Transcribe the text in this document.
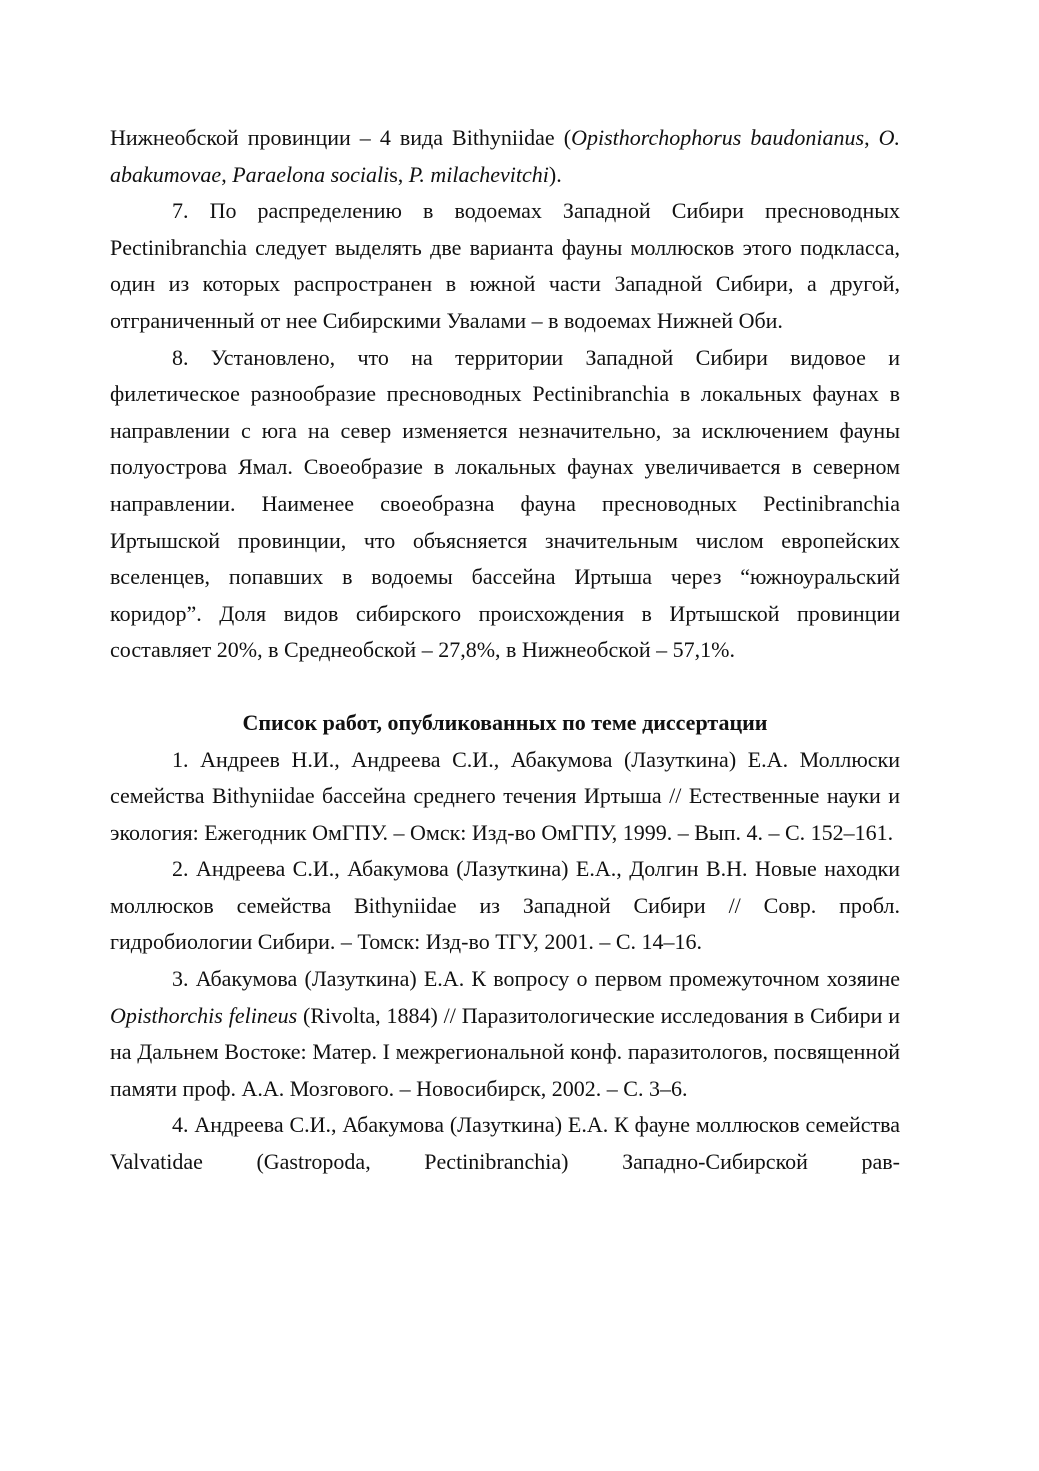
Нижнеобской провинции – 4 вида Bithyniidae (Opisthorchophorus baudonianus, O. abakumovae, Paraelona socialis, P. milachevitchi).

7. По распределению в водоемах Западной Сибири пресноводных Pectinibranchia следует выделять две варианта фауны моллюсков этого подкласса, один из которых распространен в южной части Западной Сибири, а другой, отграниченный от нее Сибирскими Увалами – в водоемах Нижней Оби.

8. Установлено, что на территории Западной Сибири видовое и филетическое разнообразие пресноводных Pectinibranchia в локальных фаунах в направлении с юга на север изменяется незначительно, за исключением фауны полуострова Ямал. Своеобразие в локальных фаунах увеличивается в северном направлении. Наименее своеобразна фауна пресноводных Pectinibranchia Иртышской провинции, что объясняется значительным числом европейских вселенцев, попавших в водоемы бассейна Иртыша через “южноуральский коридор”. Доля видов сибирского происхождения в Иртышской провинции составляет 20%, в Среднеобской – 27,8%, в Нижнеобской – 57,1%.

Список работ, опубликованных по теме диссертации

1. Андреев Н.И., Андреева С.И., Абакумова (Лазуткина) Е.А. Моллюски семейства Bithyniidae бассейна среднего течения Иртыша // Естественные науки и экология: Ежегодник ОмГПУ. – Омск: Изд-во ОмГПУ, 1999. – Вып. 4. – С. 152–161.

2. Андреева С.И., Абакумова (Лазуткина) Е.А., Долгин В.Н. Новые находки моллюсков семейства Bithyniidae из Западной Сибири // Совр. пробл. гидробиологии Сибири. – Томск: Изд-во ТГУ, 2001. – С. 14–16.

3. Абакумова (Лазуткина) Е.А. К вопросу о первом промежуточном хозяине Opisthorchis felineus (Rivolta, 1884) // Паразитологические исследования в Сибири и на Дальнем Востоке: Матер. I межрегиональной конф. паразитологов, посвященной памяти проф. А.А. Мозгового. – Новосибирск, 2002. – С. 3–6.

4. Андреева С.И., Абакумова (Лазуткина) Е.А. К фауне моллюсков семейства Valvatidae (Gastropoda, Pectinibranchia) Западно-Сибирской рав-
